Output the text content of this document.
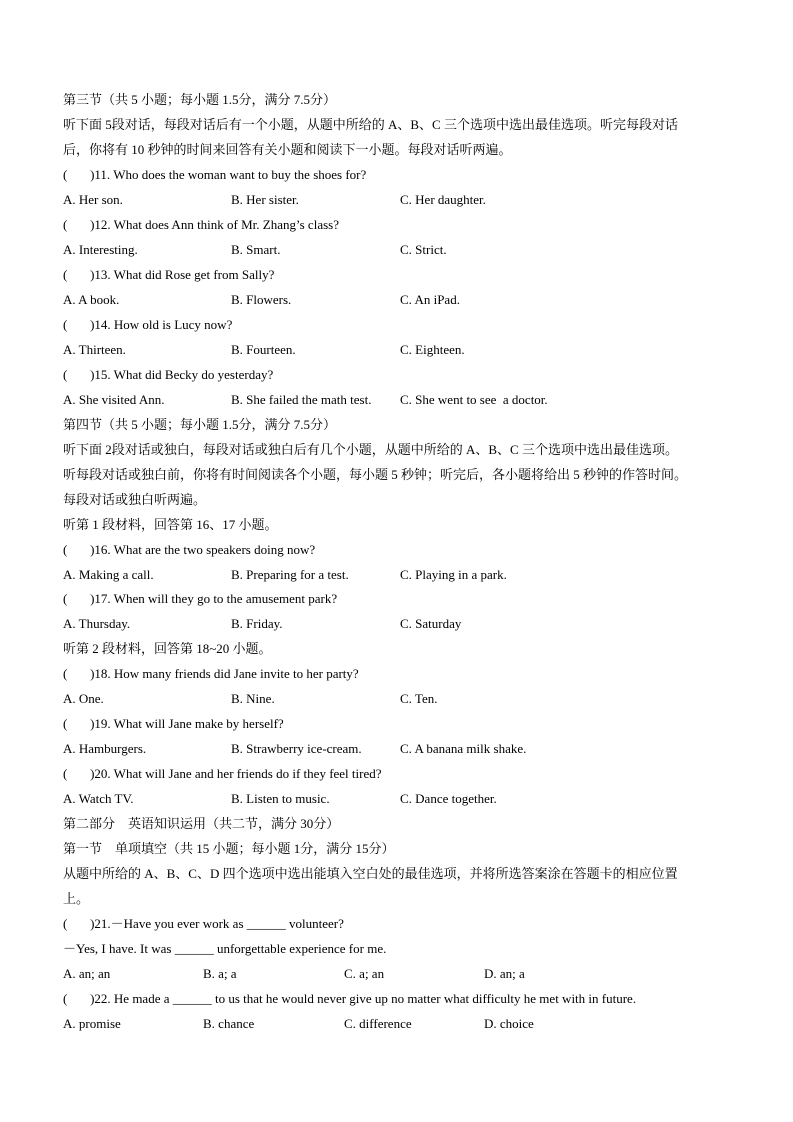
第三节（共 5 小题；每小题 1.5分，满分 7.5分）
听下面 5段对话，每段对话后有一个小题，从题中所给的 A、B、C 三个选项中选出最佳选项。听完每段对话
后，你将有 10 秒钟的时间来回答有关小题和阅读下一小题。每段对话听两遍。
(       )11. Who does the woman want to buy the shoes for?
A. Her son.	B. Her sister.	C. Her daughter.
(       )12. What does Ann think of Mr. Zhang’s class?
A. Interesting.	B. Smart.	C. Strict.
(       )13. What did Rose get from Sally?
A. A book.	B. Flowers.	C. An iPad.
(       )14. How old is Lucy now?
A. Thirteen.	B. Fourteen.	C. Eighteen.
(       )15. What did Becky do yesterday?
A. She visited Ann.	B. She failed the math test. C. She went to see  a doctor.
第四节（共 5 小题；每小题 1.5分，满分 7.5分）
听下面 2段对话或独白，每段对话或独白后有几个小题，从题中所给的 A、B、C 三个选项中选出最佳选项。
听每段对话或独白前，你将有时间阅读各个小题，每小题 5 秒钟；听完后，各小题将给出 5 秒钟的作答时间。
每段对话或独白听两遍。
听第 1 段材料，回答第 16、17 小题。
(       )16. What are the two speakers doing now?
A. Making a call.	B. Preparing for a test.	C. Playing in a park.
(       )17. When will they go to the amusement park?
A. Thursday.	B. Friday.	C. Saturday
听第 2 段材料，回答第 18~20 小题。
(       )18. How many friends did Jane invite to her party?
A. One.	B. Nine.	C. Ten.
(       )19. What will Jane make by herself?
A. Hamburgers.	B. Strawberry ice-cream.	C. A banana milk shake.
(       )20. What will Jane and her friends do if they feel tired?
A. Watch TV.	B. Listen to music.	C. Dance together.
第二部分    英语知识运用（共二节，满分 30分）
第一节    单项填空（共 15 小题；每小题 1分，满分 15分）
从题中所给的 A、B、C、D 四个选项中选出能填入空白处的最佳选项，并将所选答案涂在答题卡的相应位置
上。
(       )21.－Have you ever work as ______ volunteer?
－Yes, I have. It was ______ unforgettable experience for me.
A. an; an	B. a; a	C. a; an	D. an; a
(       )22. He made a ______ to us that he would never give up no matter what difficulty he met with in future.
A. promise	B. chance	C. difference	D. choice
